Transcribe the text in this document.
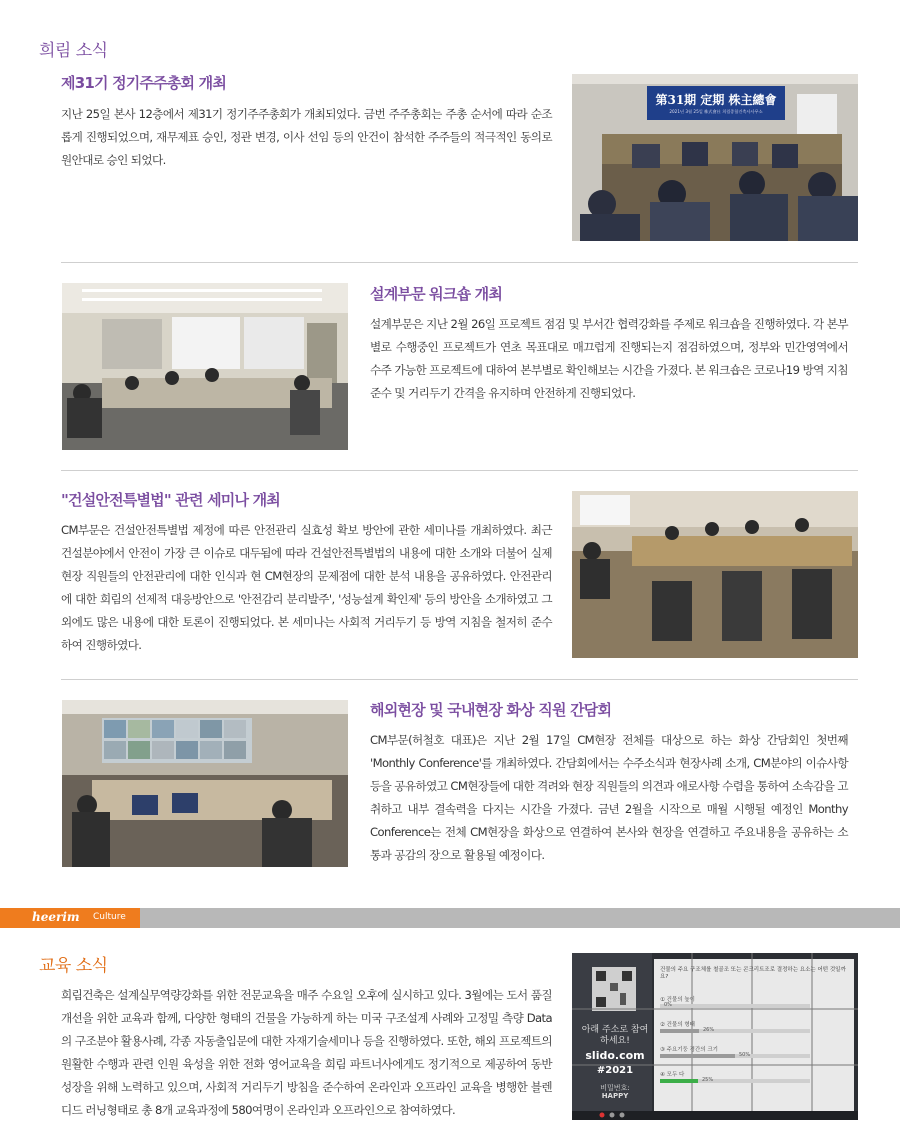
희림 소식
제31기 정기주주총회 개최
지난 25일 본사 12층에서 제31기 정기주주총회가 개최되었다. 금번 주주총회는 주총 순서에 따라 순조롭게 진행되었으며, 재무제표 승인, 정관 변경, 이사 선임 등의 안건이 참석한 주주들의 적극적인 동의로 원안대로 승인 되었다.
第31期 定期 株主總會
2021년 3월 25일 株式會社 희림종합건축사사무소
설계부문 워크숍 개최
설계부문은 지난 2월 26일 프로젝트 점검 및 부서간 협력강화를 주제로 워크숍을 진행하였다. 각 본부별로 수행중인 프로젝트가 연초 목표대로 매끄럽게 진행되는지 점검하였으며, 정부와 민간영역에서 수주 가능한 프로젝트에 대하여 본부별로 확인해보는 시간을 가졌다. 본 워크숍은 코로나19 방역 지침 준수 및 거리두기 간격을 유지하며 안전하게 진행되었다.
"건설안전특별법" 관련 세미나 개최
CM부문은 건설안전특별법 제정에 따른 안전관리 실효성 확보 방안에 관한 세미나를 개최하였다. 최근 건설분야에서 안전이 가장 큰 이슈로 대두됨에 따라 건설안전특별법의 내용에 대한 소개와 더불어 실제 현장 직원들의 안전관리에 대한 인식과 현 CM현장의 문제점에 대한 분석 내용을 공유하였다. 안전관리에 대한 희림의 선제적 대응방안으로 '안전감리 분리발주', '성능설계 확인제' 등의 방안을 소개하였고 그 외에도 많은 내용에 대한 토론이 진행되었다. 본 세미나는 사회적 거리두기 등 방역 지침을 철저히 준수하여 진행하였다.
해외현장 및 국내현장 화상 직원 간담회
CM부문(허철호 대표)은 지난 2월 17일 CM현장 전체를 대상으로 하는 화상 간담회인 첫번째 'Monthly Conference'를 개최하였다. 간담회에서는 수주소식과 현장사례 소개, CM분야의 이슈사항 등을 공유하였고 CM현장들에 대한 격려와 현장 직원들의 의견과 애로사항 수렴을 통하여 소속감을 고취하고 내부 결속력을 다지는 시간을 가졌다. 금년 2월을 시작으로 매월 시행될 예정인 Monthy Conference는 전체 CM현장을 화상으로 연결하여 본사와 현장을 연결하고 주요내용을 공유하는 소통과 공감의 장으로 활용될 예정이다.
heerim Culture
교육 소식
희림건축은 설계실무역량강화를 위한 전문교육을 매주 수요일 오후에 실시하고 있다. 3월에는 도서 품질 개선을 위한 교육과 함께, 다양한 형태의 건물을 가능하게 하는 미국 구조설계 사례와 고정밀 측량 Data의 구조분야 활용사례, 각종 자동출입문에 대한 자재기술세미나 등을 진행하였다. 또한, 해외 프로젝트의 원활한 수행과 관련 인원 육성을 위한 전화 영어교육을 희림 파트너사에게도 정기적으로 제공하여 동반성장을 위해 노력하고 있으며, 사회적 거리두기 방침을 준수하여 온라인과 오프라인 교육을 병행한 블렌디드 러닝형태로 총 8개 교육과정에 580여명이 온라인과 오프라인으로 참여하였다.
아래 주소로 참여
하세요!
slido.com
#2021
비밀번호:
HAPPY
건물의 주요 구조체를 철골조 또는 콘크리트조로 결정하는 요소는 어떤 것일까요?
① 건물의 높이
0%
② 건물의 형태
26%
③ 주요기둥 경간의 크기
50%
④ 모두 다
25%
